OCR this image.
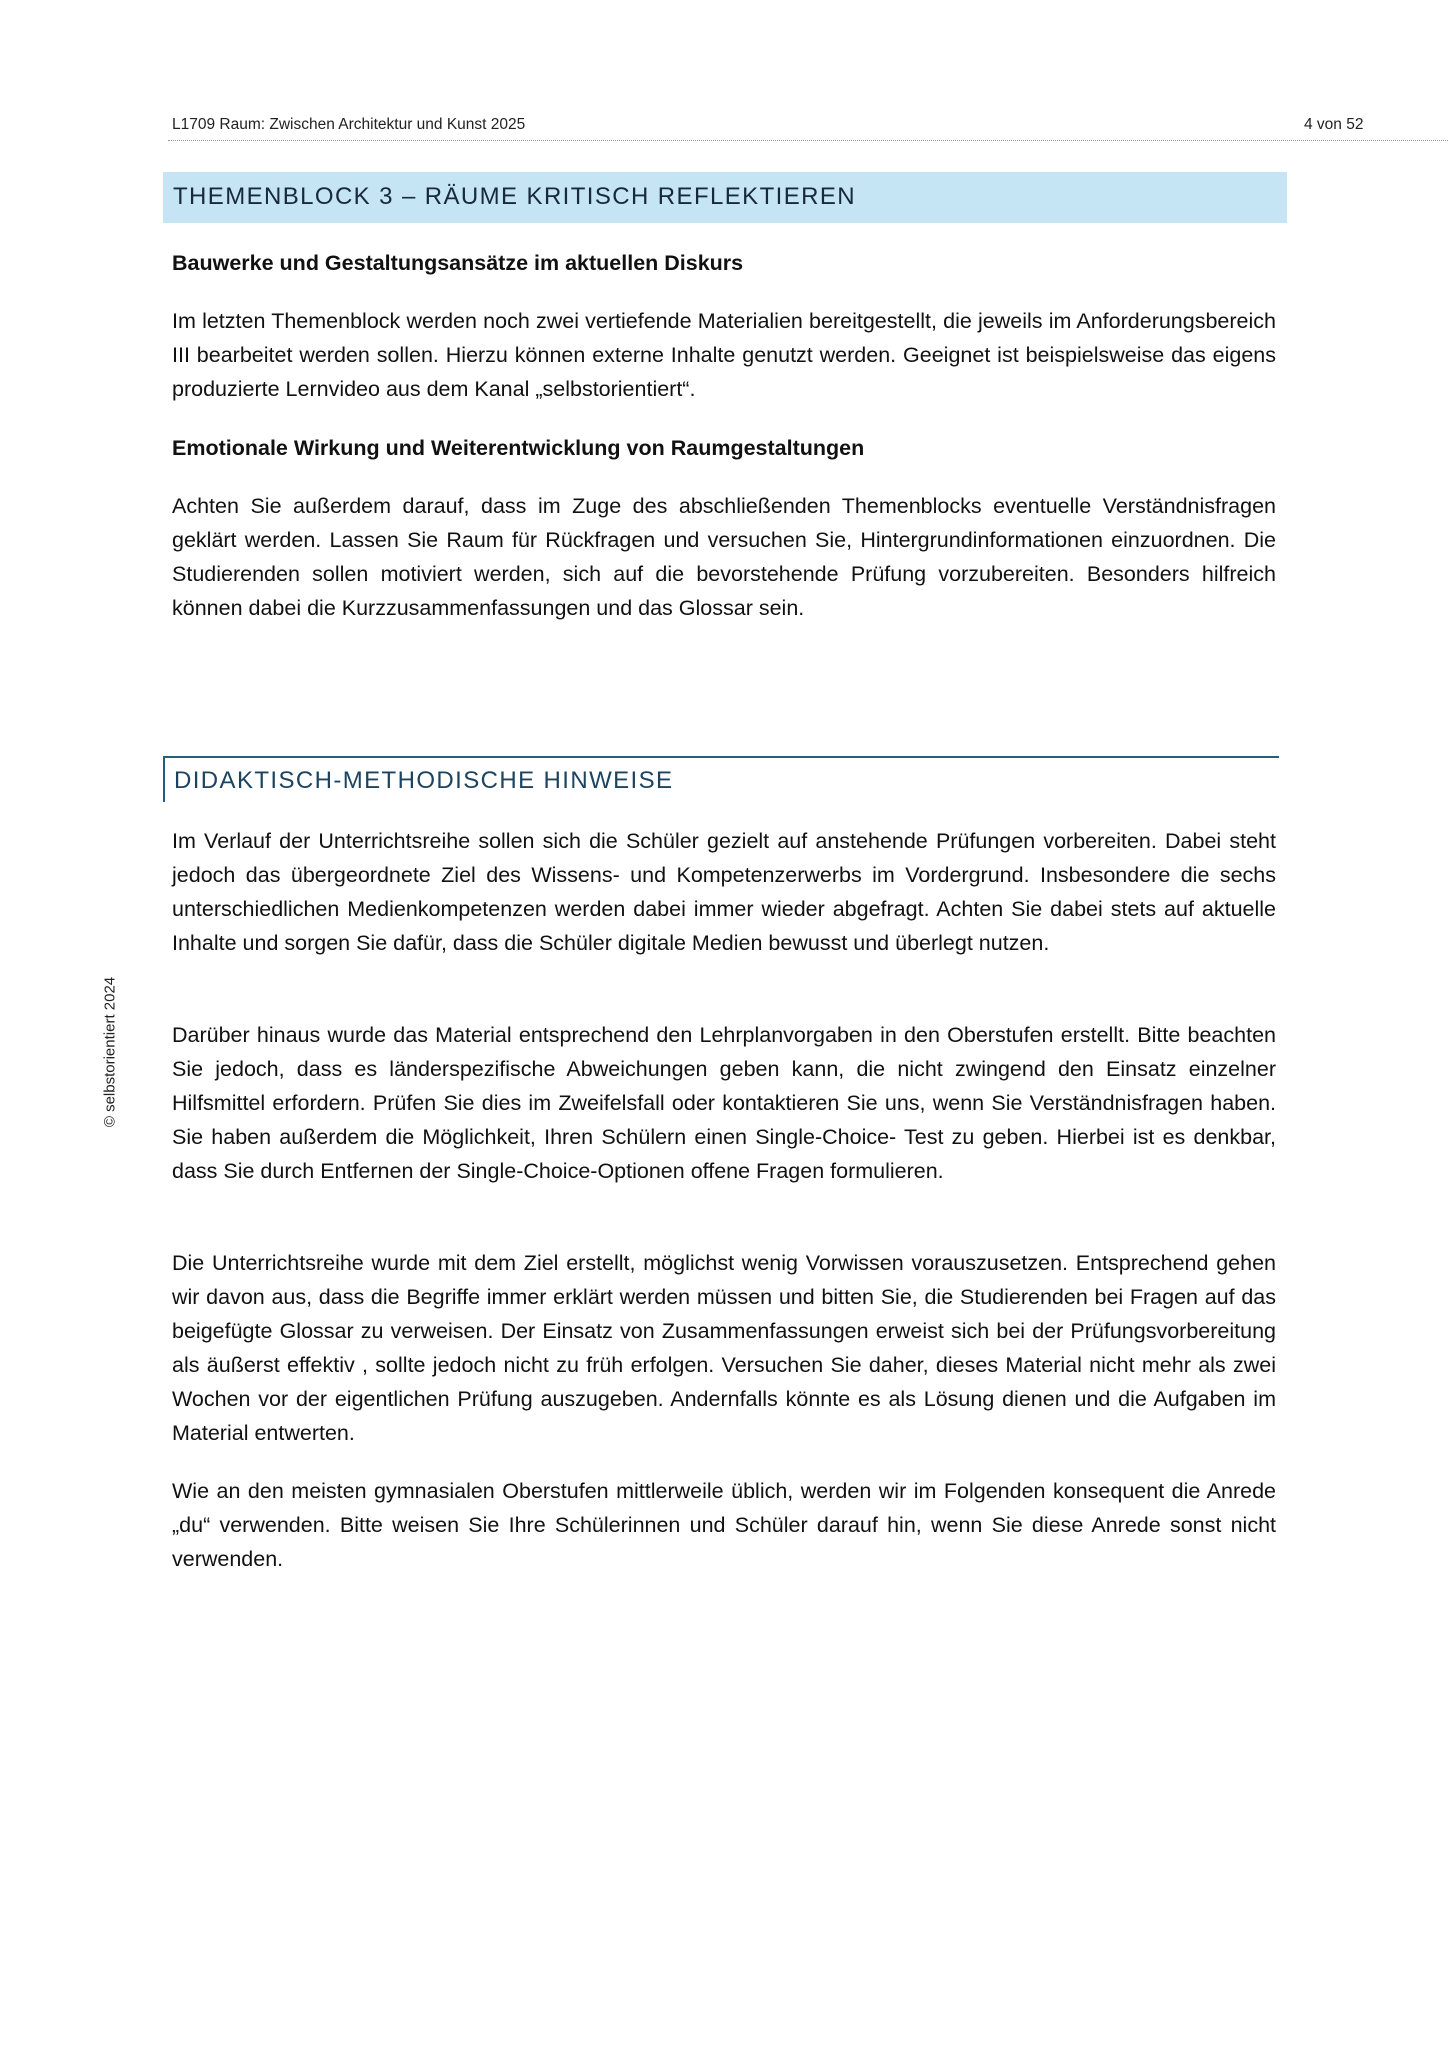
L1709 Raum: Zwischen Architektur und Kunst 2025	4 von 52
THEMENBLOCK 3 – RÄUME KRITISCH REFLEKTIEREN
Bauwerke und Gestaltungsansätze im aktuellen Diskurs
Im letzten Themenblock werden noch zwei vertiefende Materialien bereitgestellt, die jeweils im Anforderungsbereich III bearbeitet werden sollen. Hierzu können externe Inhalte genutzt werden. Geeignet ist beispielsweise das eigens produzierte Lernvideo aus dem Kanal „selbstorientiert“.
Emotionale Wirkung und Weiterentwicklung von Raumgestaltungen
Achten Sie außerdem darauf, dass im Zuge des abschließenden Themenblocks eventuelle Verständnisfragen geklärt werden. Lassen Sie Raum für Rückfragen und versuchen Sie, Hintergrundinformationen einzuordnen. Die Studierenden sollen motiviert werden, sich auf die bevorstehende Prüfung vorzubereiten. Besonders hilfreich können dabei die Kurzzusammenfassungen und das Glossar sein.
DIDAKTISCH-METHODISCHE HINWEISE
Im Verlauf der Unterrichtsreihe sollen sich die Schüler gezielt auf anstehende Prüfungen vorbereiten. Dabei steht jedoch das übergeordnete Ziel des Wissens- und Kompetenzerwerbs im Vordergrund. Insbesondere die sechs unterschiedlichen Medienkompetenzen werden dabei immer wieder abgefragt. Achten Sie dabei stets auf aktuelle Inhalte und sorgen Sie dafür, dass die Schüler digitale Medien bewusst und überlegt nutzen.
Darüber hinaus wurde das Material entsprechend den Lehrplanvorgaben in den Oberstufen erstellt. Bitte beachten Sie jedoch, dass es länderspezifische Abweichungen geben kann, die nicht zwingend den Einsatz einzelner Hilfsmittel erfordern. Prüfen Sie dies im Zweifelsfall oder kontaktieren Sie uns, wenn Sie Verständnisfragen haben. Sie haben außerdem die Möglichkeit, Ihren Schülern einen Single-Choice- Test zu geben. Hierbei ist es denkbar, dass Sie durch Entfernen der Single-Choice-Optionen offene Fragen formulieren.
Die Unterrichtsreihe wurde mit dem Ziel erstellt, möglichst wenig Vorwissen vorauszusetzen. Entsprechend gehen wir davon aus, dass die Begriffe immer erklärt werden müssen und bitten Sie, die Studierenden bei Fragen auf das beigefügte Glossar zu verweisen. Der Einsatz von Zusammenfassungen erweist sich bei der Prüfungsvorbereitung als äußerst effektiv , sollte jedoch nicht zu früh erfolgen. Versuchen Sie daher, dieses Material nicht mehr als zwei Wochen vor der eigentlichen Prüfung auszugeben. Andernfalls könnte es als Lösung dienen und die Aufgaben im Material entwerten.
Wie an den meisten gymnasialen Oberstufen mittlerweile üblich, werden wir im Folgenden konsequent die Anrede „du“ verwenden. Bitte weisen Sie Ihre Schülerinnen und Schüler darauf hin, wenn Sie diese Anrede sonst nicht verwenden.
© selbstorientiert 2024
